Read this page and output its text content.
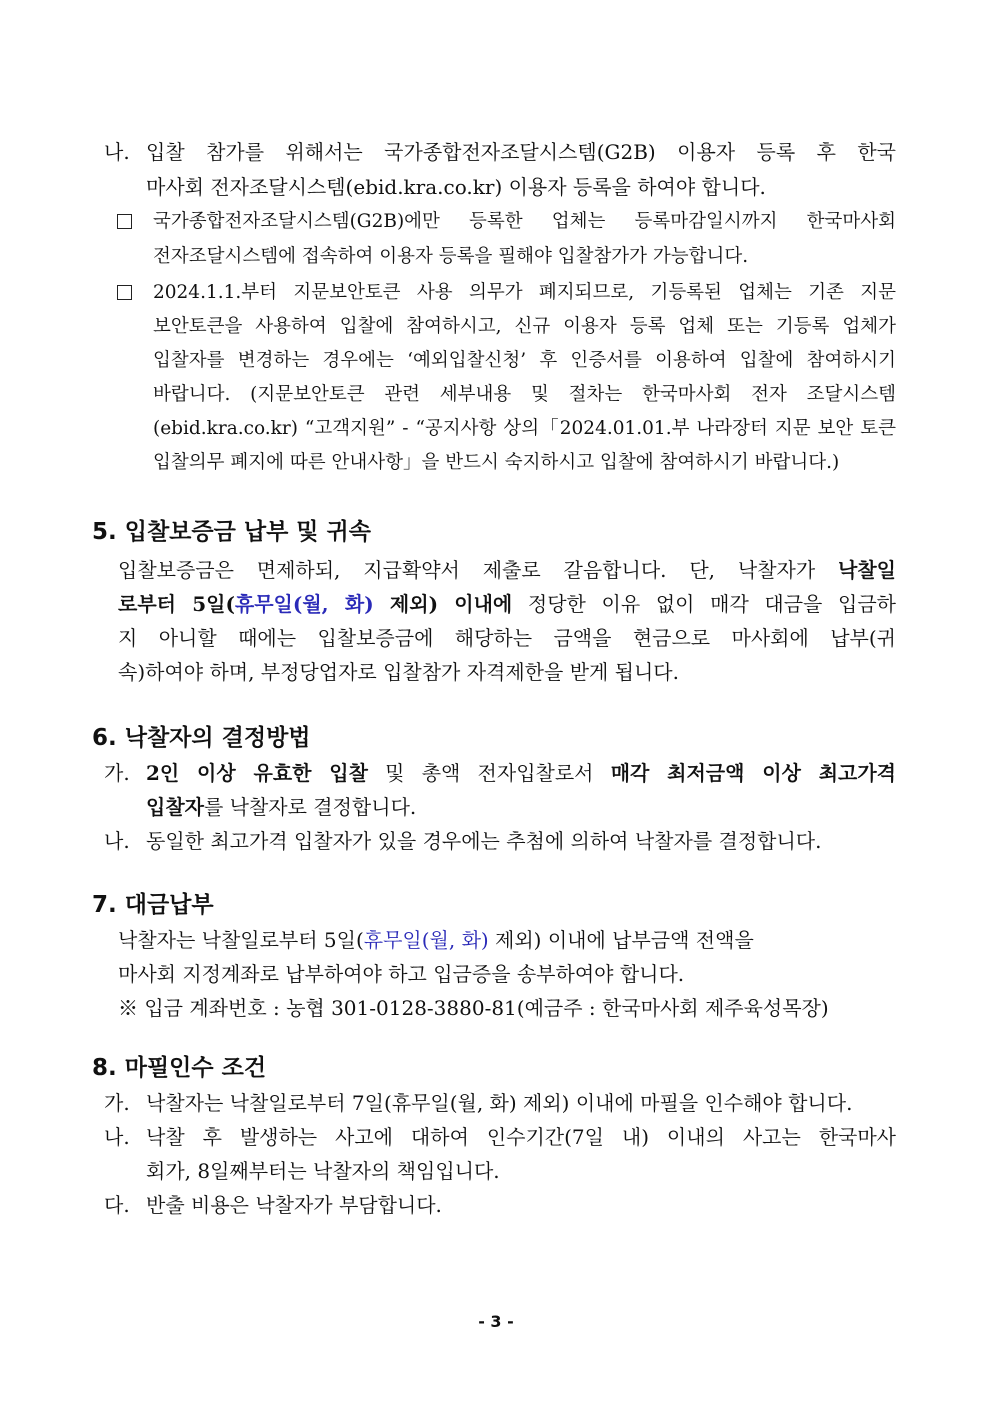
나. 입찰 참가를 위해서는 국가종합전자조달시스템(G2B) 이용자 등록 후 한국
마사회 전자조달시스템(ebid.kra.co.kr) 이용자 등록을 하여야 합니다.
국가종합전자조달시스템(G2B)에만 등록한 업체는 등록마감일시까지 한국마사회
전자조달시스템에 접속하여 이용자 등록을 필해야 입찰참가가 가능합니다.
2024.1.1.부터 지문보안토큰 사용 의무가 폐지되므로, 기등록된 업체는 기존 지문
보안토큰을 사용하여 입찰에 참여하시고, 신규 이용자 등록 업체 또는 기등록 업체가
입찰자를 변경하는 경우에는 ‘예외입찰신청’ 후 인증서를 이용하여 입찰에 참여하시기
바랍니다. (지문보안토큰 관련 세부내용 및 절차는 한국마사회 전자 조달시스템
(ebid.kra.co.kr) “고객지원” - “공지사항 상의「2024.01.01.부 나라장터 지문 보안 토큰
입찰의무 폐지에 따른 안내사항」을 반드시 숙지하시고 입찰에 참여하시기 바랍니다.)
5. 입찰보증금 납부 및 귀속
입찰보증금은 면제하되, 지급확약서 제출로 갈음합니다. 단, 낙찰자가 낙찰일
로부터 5일(휴무일(월, 화) 제외) 이내에 정당한 이유 없이 매각 대금을 입금하
지 아니할 때에는 입찰보증금에 해당하는 금액을 현금으로 마사회에 납부(귀
속)하여야 하며, 부정당업자로 입찰참가 자격제한을 받게 됩니다.
6. 낙찰자의 결정방법
가. 2인 이상 유효한 입찰 및 총액 전자입찰로서 매각 최저금액 이상 최고가격
입찰자를 낙찰자로 결정합니다.
나. 동일한 최고가격 입찰자가 있을 경우에는 추첨에 의하여 낙찰자를 결정합니다.
7. 대금납부
낙찰자는 낙찰일로부터 5일(휴무일(월, 화) 제외) 이내에 납부금액 전액을
마사회 지정계좌로 납부하여야 하고 입금증을 송부하여야 합니다.
※ 입금 계좌번호 : 농협 301-0128-3880-81(예금주 : 한국마사회 제주육성목장)
8. 마필인수 조건
가. 낙찰자는 낙찰일로부터 7일(휴무일(월, 화) 제외) 이내에 마필을 인수해야 합니다.
나. 낙찰 후 발생하는 사고에 대하여 인수기간(7일 내) 이내의 사고는 한국마사
회가, 8일째부터는 낙찰자의 책임입니다.
다. 반출 비용은 낙찰자가 부담합니다.
- 3 -
